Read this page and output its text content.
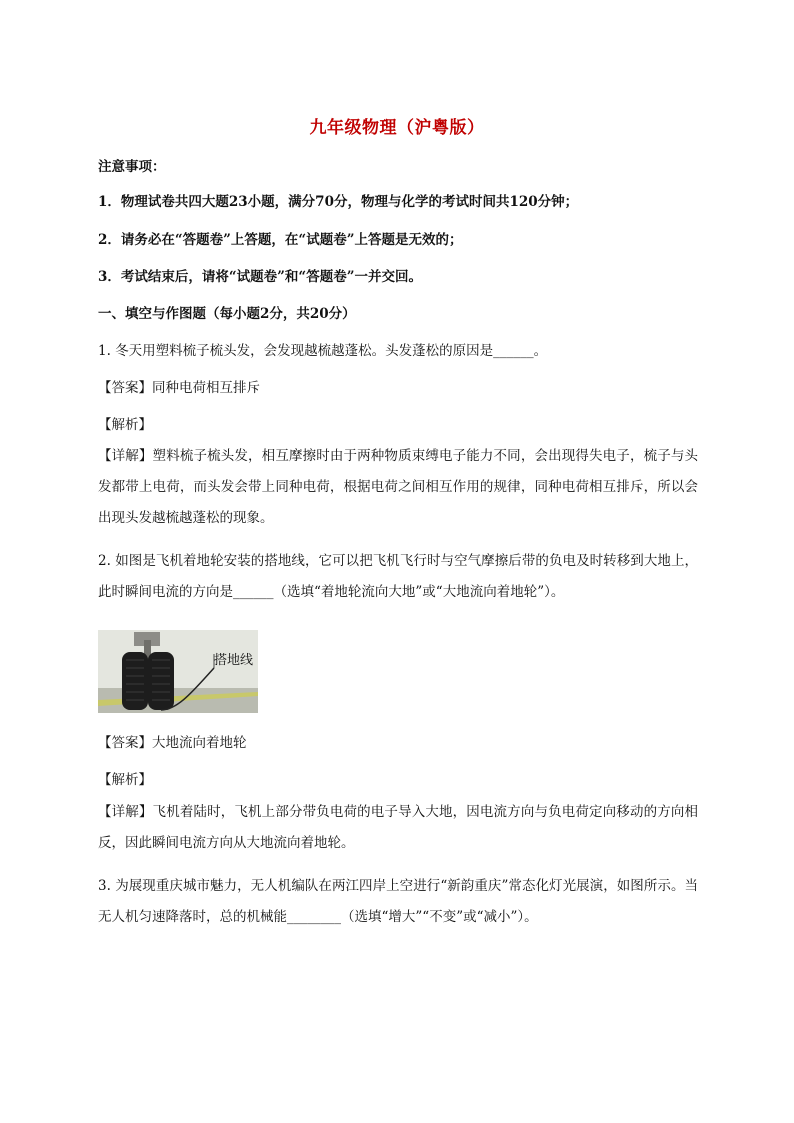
九年级物理（沪粤版）
注意事项：
1．物理试卷共四大题23小题，满分70分，物理与化学的考试时间共120分钟；
2．请务必在“答题卷”上答题，在“试题卷”上答题是无效的；
3．考试结束后，请将“试题卷”和“答题卷”一并交回。
一、填空与作图题（每小题2分，共20分）
1. 冬天用塑料梳子梳头发，会发现越梳越蓬松。头发蓬松的原因是______。
【答案】同种电荷相互排斥
【解析】
【详解】塑料梳子梳头发，相互摩擦时由于两种物质束缚电子能力不同，会出现得失电子，梳子与头发都带上电荷，而头发会带上同种电荷，根据电荷之间相互作用的规律，同种电荷相互排斥，所以会出现头发越梳越蓬松的现象。
2. 如图是飞机着地轮安装的搭地线，它可以把飞机飞行时与空气摩擦后带的负电及时转移到大地上，此时瞬间电流的方向是______（选填“着地轮流向大地”或“大地流向着地轮”）。
搭地线
【答案】大地流向着地轮
【解析】
【详解】飞机着陆时，飞机上部分带负电荷的电子导入大地，因电流方向与负电荷定向移动的方向相反，因此瞬间电流方向从大地流向着地轮。
3. 为展现重庆城市魅力，无人机编队在两江四岸上空进行“新韵重庆”常态化灯光展演，如图所示。当无人机匀速降落时，总的机械能________（选填“增大”“不变”或“减小”）。
